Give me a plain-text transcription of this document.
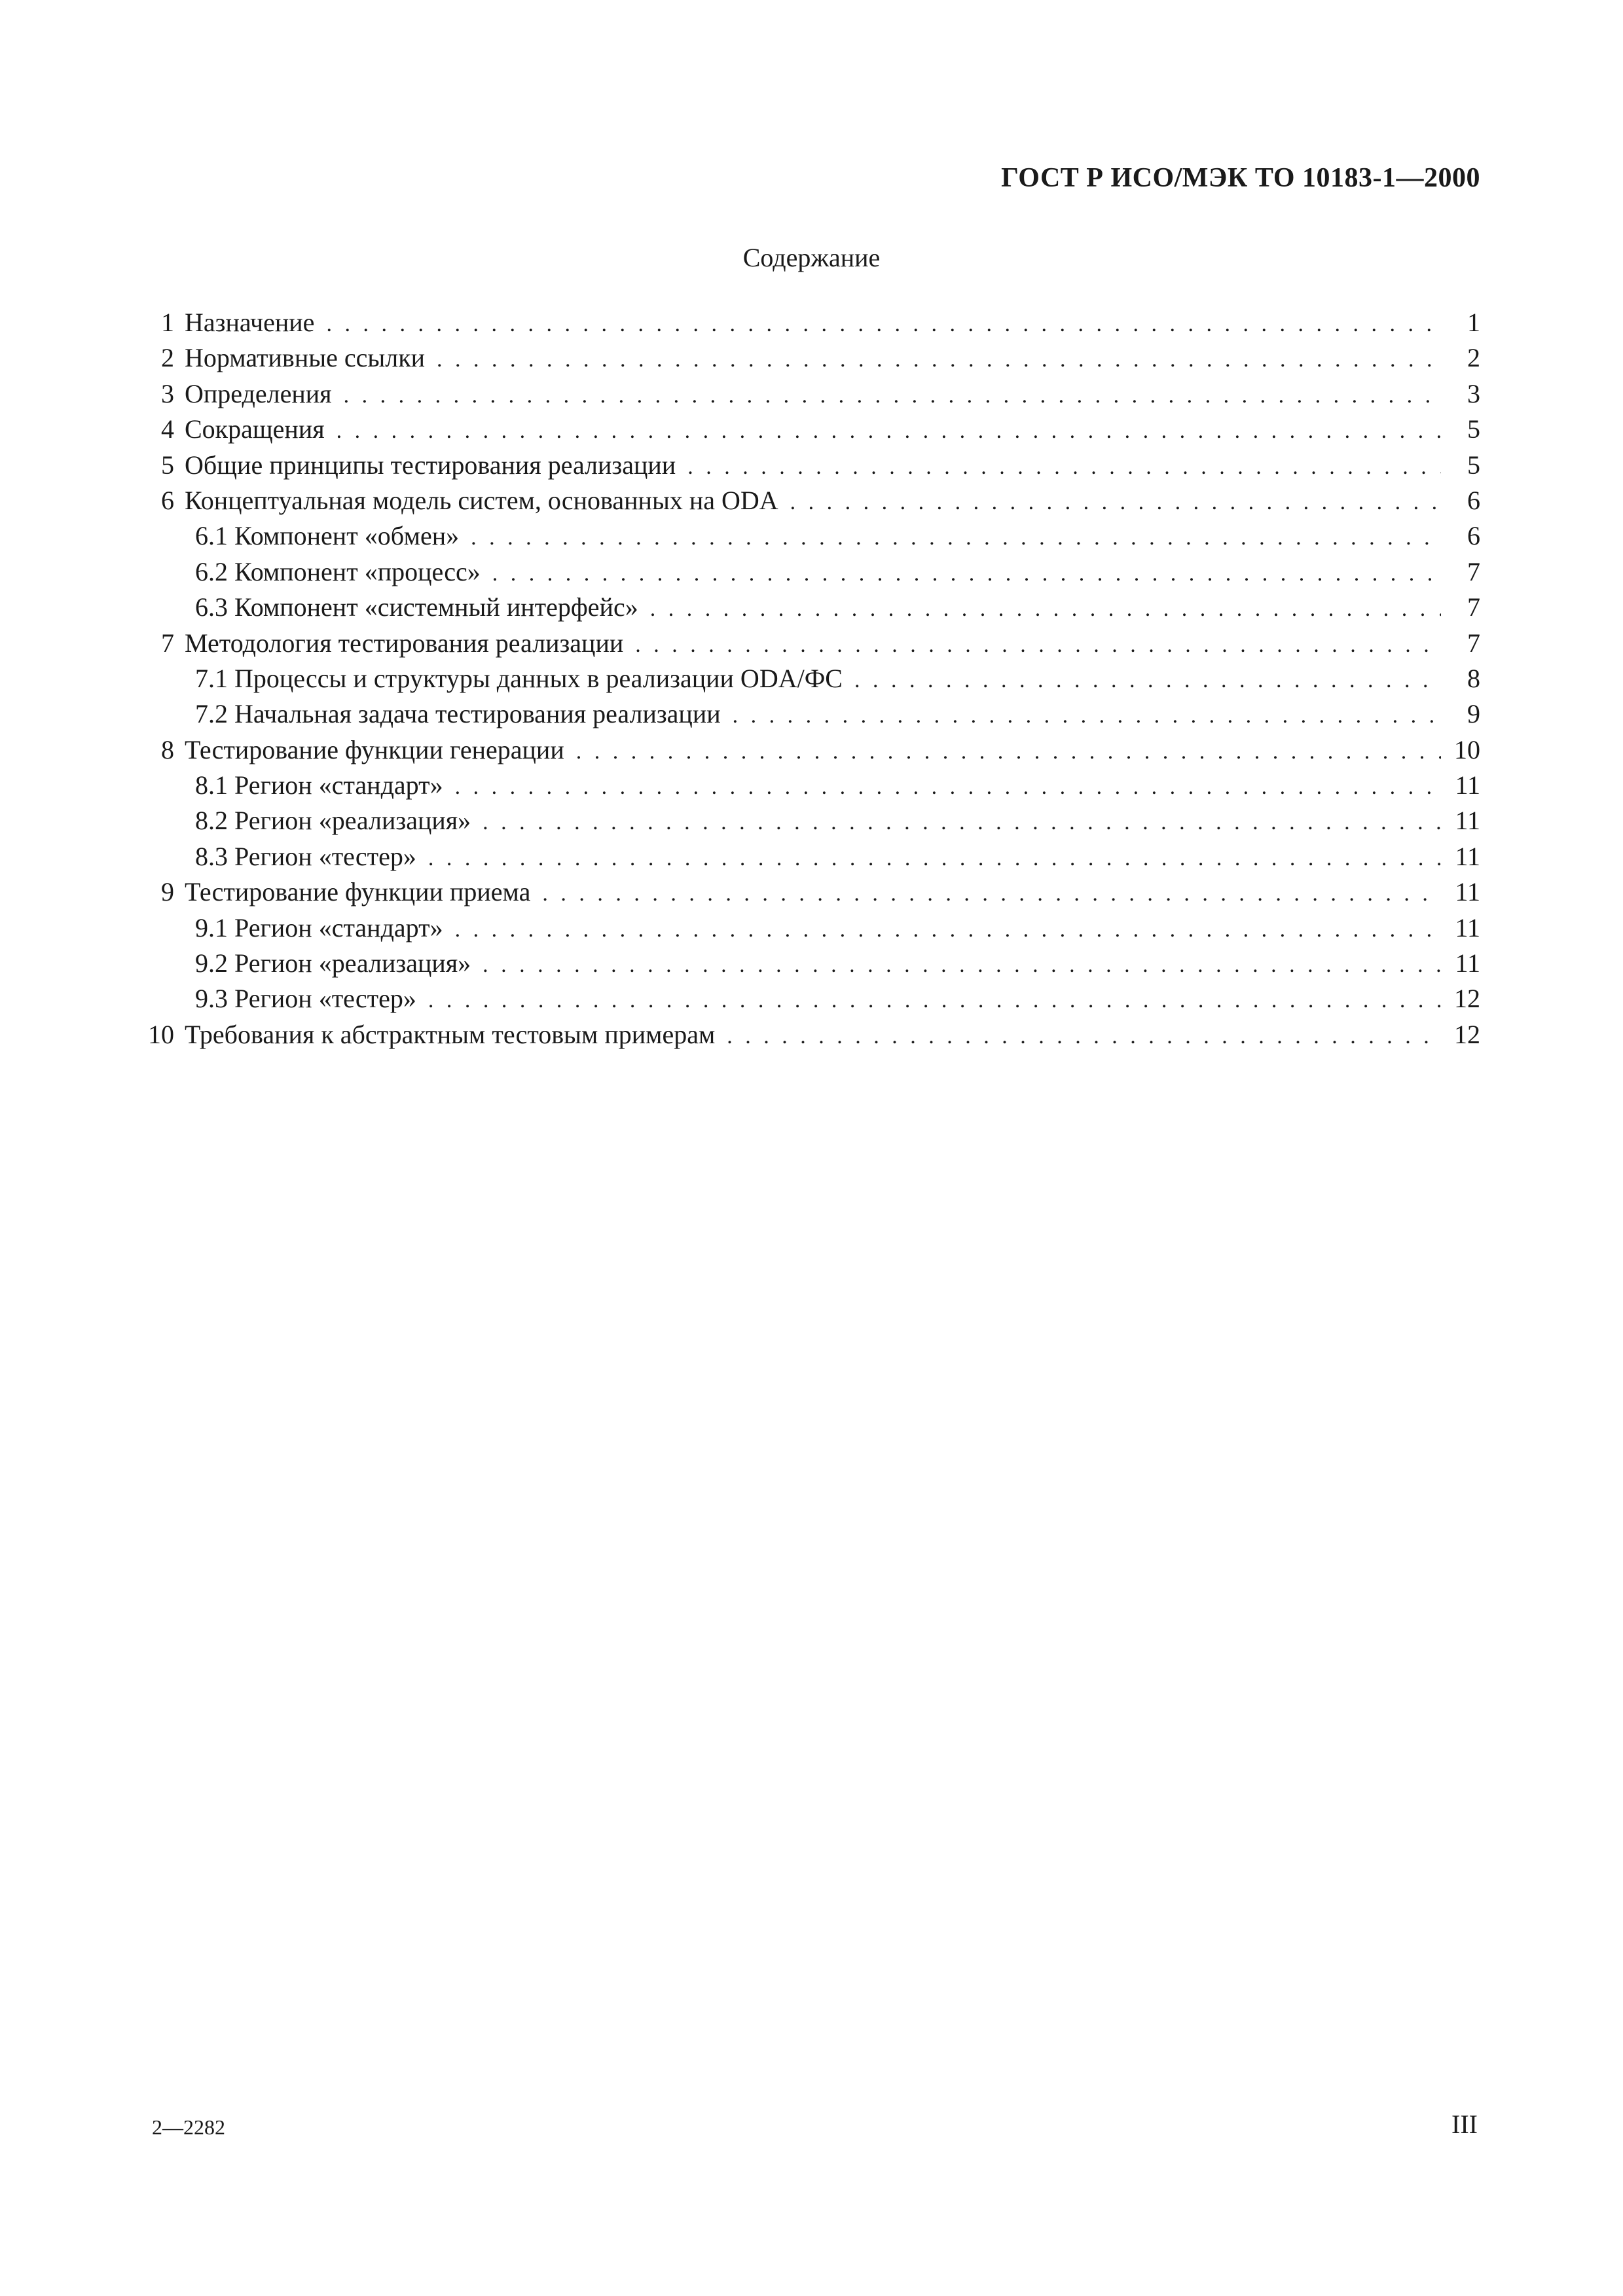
ГОСТ Р ИСО/МЭК ТО 10183-1—2000
Содержание
1 Назначение . . .	1
2 Нормативные ссылки . . .	2
3 Определения . . .	3
4 Сокращения . . .	5
5 Общие принципы тестирования реализации . . .	5
6 Концептуальная модель систем, основанных на ODA . . .	6
6.1 Компонент «обмен» . . .	6
6.2 Компонент «процесс» . . .	7
6.3 Компонент «системный интерфейс» . . .	7
7 Методология тестирования реализации . . .	7
7.1 Процессы и структуры данных в реализации ODA/ФС . . .	8
7.2 Начальная задача тестирования реализации . . .	9
8 Тестирование функции генерации . . .	10
8.1 Регион «стандарт» . . .	11
8.2 Регион «реализация» . . .	11
8.3 Регион «тестер» . . .	11
9 Тестирование функции приема . . .	11
9.1 Регион «стандарт» . . .	11
9.2 Регион «реализация» . . .	11
9.3 Регион «тестер» . . .	12
10 Требования к абстрактным тестовым примерам . . .	12
2—2282	III
